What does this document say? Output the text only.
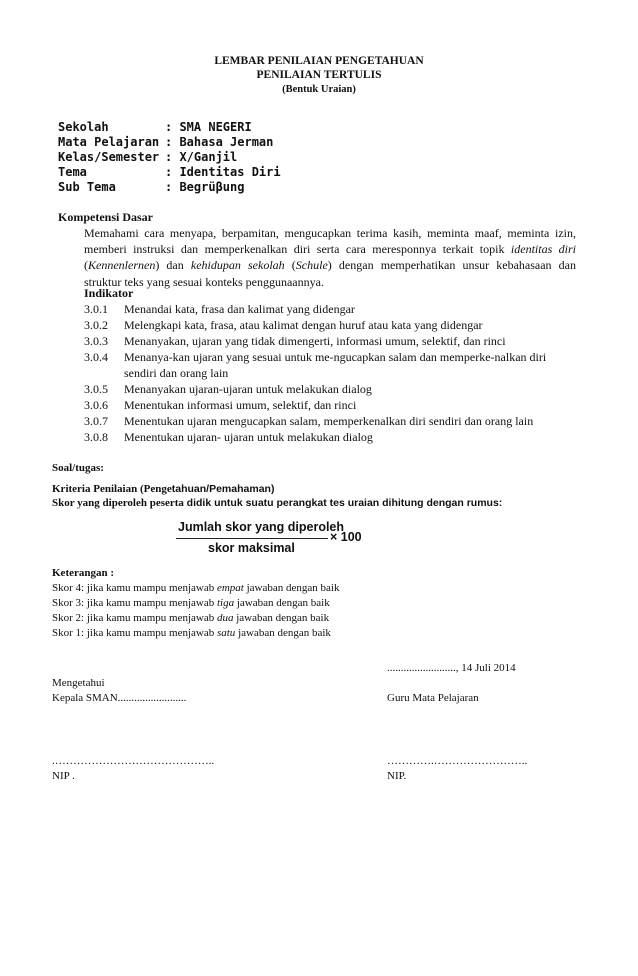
LEMBAR PENILAIAN PENGETAHUAN
PENILAIAN TERTULIS
(Bentuk Uraian)
Sekolah	: SMA NEGERI
Mata Pelajaran : Bahasa Jerman
Kelas/Semester : X/Ganjil
Tema	: Identitas Diri
Sub Tema	: Begrüβung
Kompetensi Dasar
Memahami cara menyapa, berpamitan, mengucapkan terima kasih, meminta maaf, meminta izin, memberi instruksi dan memperkenalkan diri serta cara meresponnya terkait topik identitas diri (Kennenlernen) dan kehidupan sekolah (Schule) dengan memperhatikan unsur kebahasaan dan struktur teks yang sesuai konteks penggunaannya.
Indikator
3.0.1 Menandai kata, frasa dan kalimat yang didengar
3.0.2 Melengkapi kata, frasa, atau kalimat dengan huruf atau kata yang didengar
3.0.3 Menanyakan, ujaran yang tidak dimengerti, informasi umum, selektif, dan rinci
3.0.4 Menanya-kan ujaran yang sesuai untuk me-ngucapkan salam dan memperke-nalkan diri
sendiri dan orang lain
3.0.5 Menanyakan ujaran-ujaran untuk melakukan dialog
3.0.6 Menentukan informasi umum, selektif, dan rinci
3.0.7 Menentukan ujaran mengucapkan salam, memperkenalkan diri sendiri dan orang lain
3.0.8 Menentukan ujaran- ujaran untuk melakukan dialog
Soal/tugas:
Kriteria Penilaian (Pengetahuan/Pemahaman)
Skor yang diperoleh peserta didik untuk suatu perangkat tes uraian dihitung dengan rumus:
Jumlah skor yang diperoleh
skor maksimal
× 100
Keterangan :
Skor 4: jika kamu mampu menjawab empat jawaban dengan baik
Skor 3: jika kamu mampu menjawab tiga jawaban dengan baik
Skor 2: jika kamu mampu menjawab dua jawaban dengan baik
Skor 1: jika kamu mampu menjawab satu jawaban dengan baik
........................., 14 Juli 2014
Mengetahui
Kepala SMAN.........................	Guru Mata Pelajaran
.……………………………………..	………….……………………..
NIP .	NIP.
